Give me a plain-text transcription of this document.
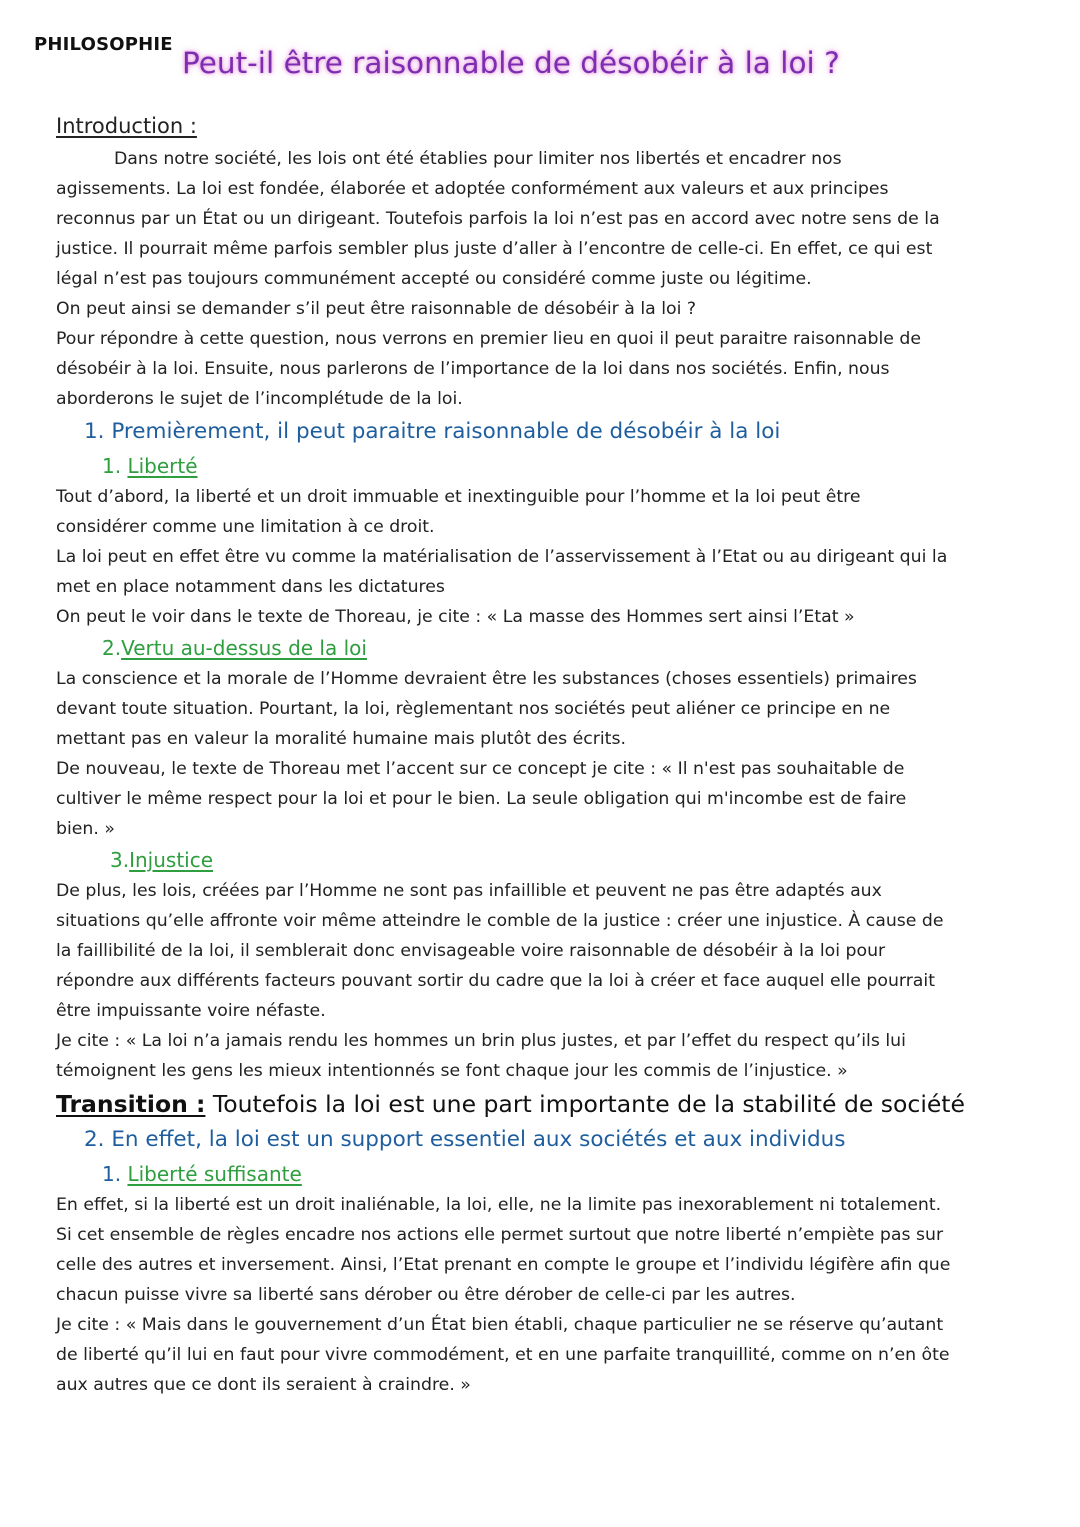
PHILOSOPHIE
Peut-il être raisonnable de désobéir à la loi ?
Introduction :

Dans notre société, les lois ont été établies pour limiter nos libertés et encadrer nos
agissements. La loi est fondée, élaborée et adoptée conformément aux valeurs et aux principes
reconnus par un État ou un dirigeant. Toutefois parfois la loi n’est pas en accord avec notre sens de la
justice. Il pourrait même parfois sembler plus juste d’aller à l’encontre de celle-ci. En effet, ce qui est
légal n’est pas toujours communément accepté ou considéré comme juste ou légitime.

On peut ainsi se demander s’il peut être raisonnable de désobéir à la loi ?

Pour répondre à cette question, nous verrons en premier lieu en quoi il peut paraitre raisonnable de
désobéir à la loi. Ensuite, nous parlerons de l’importance de la loi dans nos sociétés. Enfin, nous
aborderons le sujet de l’incomplétude de la loi.

1. Premièrement, il peut paraitre raisonnable de désobéir à la loi
1. Liberté

Tout d’abord, la liberté et un droit immuable et inextinguible pour l’homme et la loi peut être
considérer comme une limitation à ce droit.

La loi peut en effet être vu comme la matérialisation de l’asservissement à l’Etat ou au dirigeant qui la
met en place notamment dans les dictatures

On peut le voir dans le texte de Thoreau, je cite : « La masse des Hommes sert ainsi l’Etat »

2.Vertu au-dessus de la loi

La conscience et la morale de l’Homme devraient être les substances (choses essentiels) primaires
devant toute situation. Pourtant, la loi, règlementant nos sociétés peut aliéner ce principe en ne
mettant pas en valeur la moralité humaine mais plutôt des écrits.

De nouveau, le texte de Thoreau met l’accent sur ce concept je cite : « Il n'est pas souhaitable de
cultiver le même respect pour la loi et pour le bien. La seule obligation qui m'incombe est de faire
bien. »

3.Injustice

De plus, les lois, créées par l’Homme ne sont pas infaillible et peuvent ne pas être adaptés aux
situations qu’elle affronte voir même atteindre le comble de la justice : créer une injustice. À cause de
la faillibilité de la loi, il semblerait donc envisageable voire raisonnable de désobéir à la loi pour
répondre aux différents facteurs pouvant sortir du cadre que la loi à créer et face auquel elle pourrait
être impuissante voire néfaste.

Je cite : « La loi n’a jamais rendu les hommes un brin plus justes, et par l’effet du respect qu’ils lui
témoignent les gens les mieux intentionnés se font chaque jour les commis de l’injustice. »

Transition : Toutefois la loi est une part importante de la stabilité de société
2. En effet, la loi est un support essentiel aux sociétés et aux individus
1. Liberté suffisante

En effet, si la liberté est un droit inaliénable, la loi, elle, ne la limite pas inexorablement ni totalement.
Si cet ensemble de règles encadre nos actions elle permet surtout que notre liberté n’empiète pas sur
celle des autres et inversement. Ainsi, l’Etat prenant en compte le groupe et l’individu légifère afin que
chacun puisse vivre sa liberté sans dérober ou être dérober de celle-ci par les autres.

Je cite : « Mais dans le gouvernement d’un État bien établi, chaque particulier ne se réserve qu’autant
de liberté qu’il lui en faut pour vivre commodément, et en une parfaite tranquillité, comme on n’en ôte
aux autres que ce dont ils seraient à craindre. »
